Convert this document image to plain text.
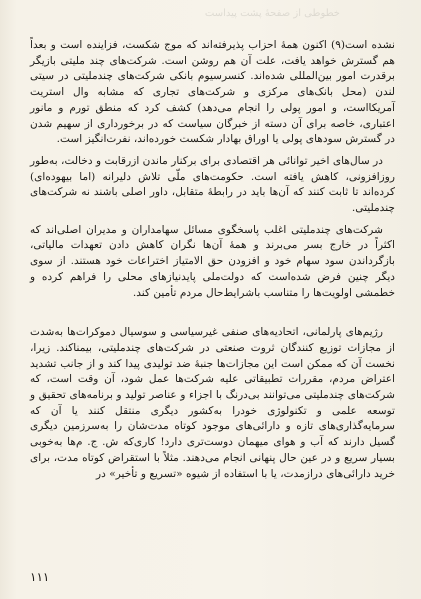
خطوطی از صفحهٔ پشت پیداست

نشده است(۹) اکنون همهٔ احزاب پذیرفته‌اند که موج شکست، فزاینده است و بعداً هم گسترش خواهد یافت، علت آن هم روشن است. شرکت‌های چند ملیتی بازیگر برقدرت امور بین‌المللی شده‌اند. کنسرسیوم بانکی شرکت‌های چندملیتی در سیتی لندن (محل بانک‌های مرکزی و شرکت‌های تجاری که مشابه وال استریت آمریکااست، و امور پولی را انجام می‌دهد) کشف کرد که منطق تورم و مانور اعتباری، خاصه برای آن دسته از خبرگان سیاست که در برخورداری از سهیم شدن در گسترش سودهای پولی یا اوراق بهادار شکست خورده‌اند، نفرت‌انگیز است.

در سال‌های اخیر توانائی هر اقتصادی برای برکنار ماندن ازرقابت و دخالت، به‌طور روزافزونی، کاهش یافته است. حکومت‌های ملّی تلاش دلیرانه (اما بیهوده‌ای) کرده‌اند تا ثابت کنند که آن‌ها باید در رابطهٔ متقابل، داور اصلی باشند نه شرکت‌های چندملیتی.

شرکت‌های چندملیتی اغلب پاسخگوی مسائل سهامداران و مدیران اصلی‌اند که اکثراً در خارج بسر می‌برند و همهٔ آن‌ها نگران کاهش دادن تعهدات مالیاتی، بازگرداندن سود سهام خود و افزودن حق الامتیاز اختراعات خود هستند. از سوی دیگر چنین فرض شده‌است که دولت‌ملی پایدنیازهای محلی را فراهم کرده و خطمشی اولویت‌ها را متناسب باشرایط‌حال مردم تأمین کند.

رژیم‌های پارلمانی، اتحادیه‌های صنفی غیرسیاسی و سوسیال دموکرات‌ها به‌شدت از مجازات توزیع کنندگان ثروت صنعتی در شرکت‌های چندملیتی، بیمناکند. زیرا، نخست آن که ممکن است این مجازات‌ها جنبهٔ ضد تولیدی پیدا کند و از جانب تشدید اعتراض مردم، مقررات تطبیقاتی علیه شرکت‌ها عمل شود، آن وقت است، که شرکت‌های چندملیتی می‌توانند بی‌درنگ با اجزاء و عناصر تولید و برنامه‌های تحقیق و توسعه علمی و تکنولوژی خودرا به‌کشور دیگری منتقل کنند یا آن که سرمایه‌گذاری‌های تازه و دارائی‌های موجود کوتاه مدت‌شان را به‌سرزمین دیگری گسیل دارند که آب و هوای میهمان دوست‌تری دارد! کاری‌که ش. ج. م‌ها به‌خوبی بسیار سریع و در عین حال پنهانی انجام می‌دهند. مثلاً با استقراض کوتاه مدت، برای خرید دارائی‌های درازمدت، یا با استفاده از شیوه «تسریع و تأخیر» در

۱۱۱
